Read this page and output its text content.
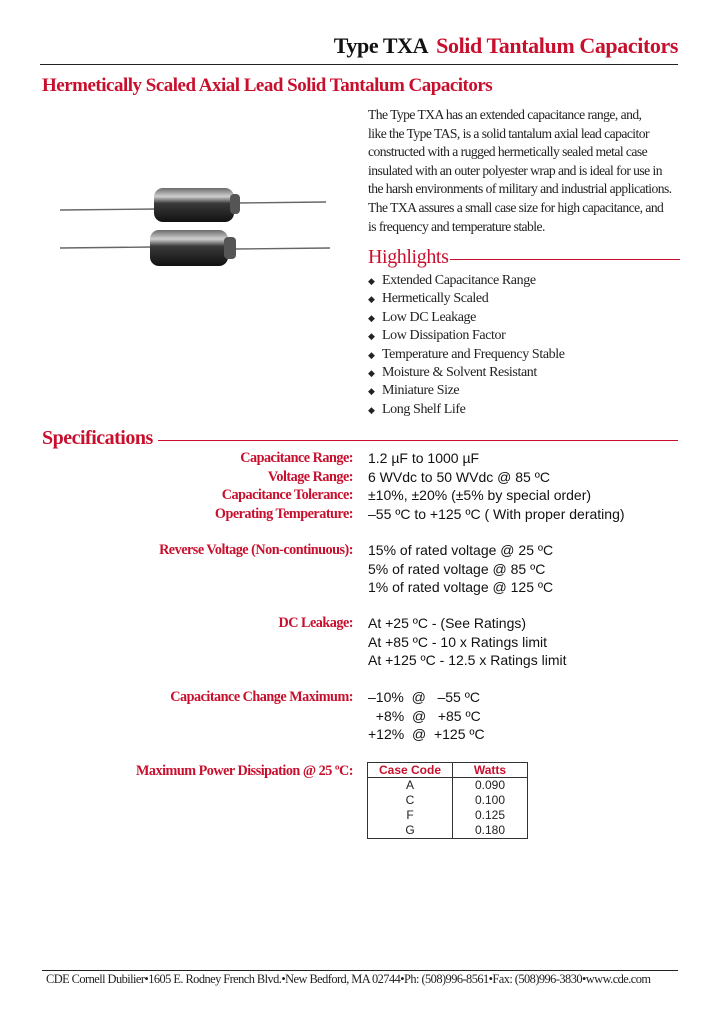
Type TXA Solid Tantalum Capacitors
Hermetically Scaled Axial Lead Solid Tantalum Capacitors
The Type TXA has an extended capacitance range, and,
like the Type TAS, is a solid tantalum axial lead capacitor
constructed with a rugged hermetically sealed metal case
insulated with an outer polyester wrap and is ideal for use in
the harsh environments of military and industrial applications.
The TXA assures a small case size for high capacitance, and
is frequency and temperature stable.
Highlights
◆ Extended Capacitance Range
◆ Hermetically Scaled
◆ Low DC Leakage
◆ Low Dissipation Factor
◆ Temperature and Frequency Stable
◆ Moisture & Solvent Resistant
◆ Miniature Size
◆ Long Shelf Life
Specifications
Capacitance Range: 1.2 µF to 1000 µF
Voltage Range: 6 WVdc to 50 WVdc @ 85 ºC
Capacitance Tolerance: ±10%, ±20% (±5% by special order)
Operating Temperature: –55 ºC to +125 ºC ( With proper derating)
Reverse Voltage (Non-continuous): 15% of rated voltage @ 25 ºC
5% of rated voltage @ 85 ºC
1% of rated voltage @ 125 ºC
DC Leakage: At +25 ºC - (See Ratings)
At +85 ºC - 10 x Ratings limit
At +125 ºC - 12.5 x Ratings limit
Capacitance Change Maximum: –10%  @   –55 ºC
+8%  @   +85 ºC
+12%  @  +125 ºC
Maximum Power Dissipation @ 25 ºC: Case Code	Watts
A	0.090
C	0.100
F	0.125
G	0.180
CDE Cornell Dubilier•1605 E. Rodney French Blvd.•New Bedford, MA 02744•Ph: (508)996-8561•Fax: (508)996-3830•www.cde.com
